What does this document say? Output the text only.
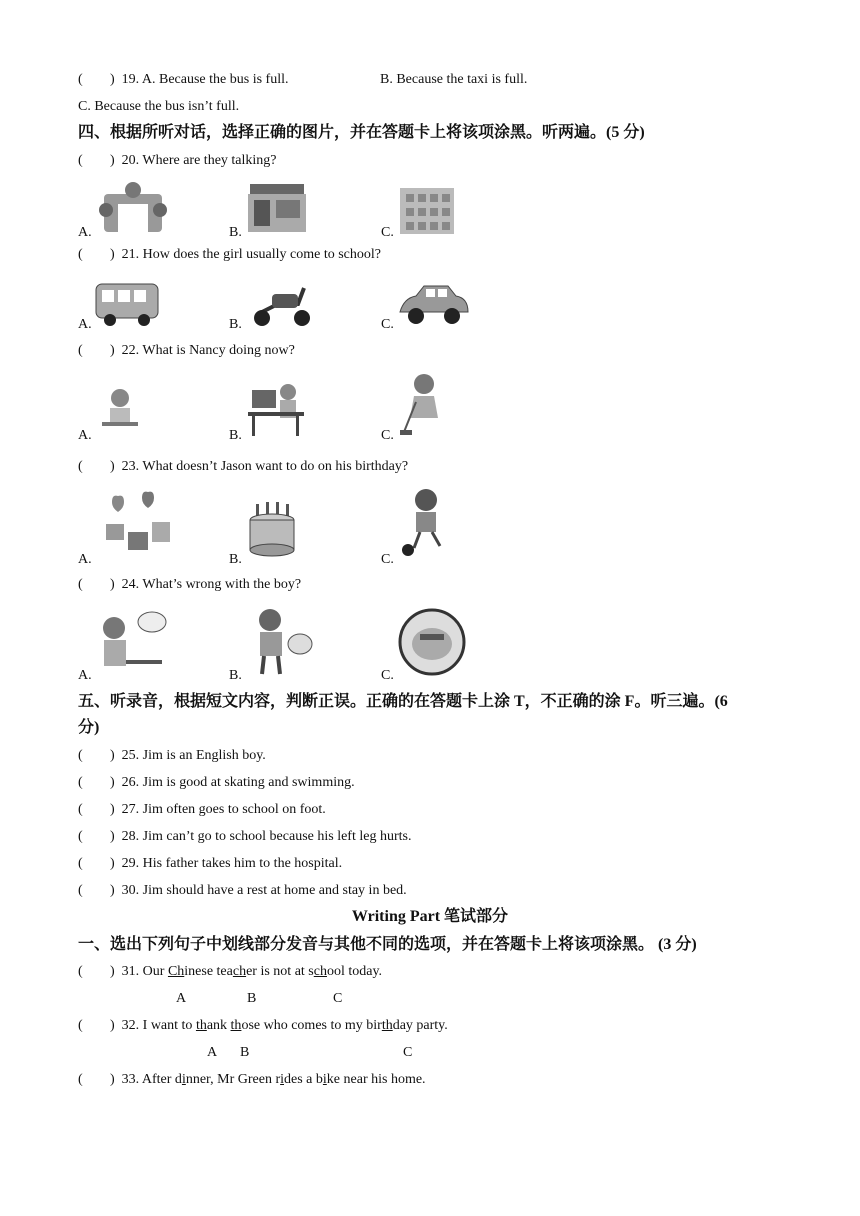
( )  19. A. Because the bus is full.	B. Because the taxi is full.
C. Because the bus isn’t full.
四、根据所听对话，选择正确的图片，并在答题卡上将该项涂黑。听两遍。(5 分)
( )  20. Where are they talking?
A.	B.	C.
( )  21. How does the girl usually come to school?
A.	B.	C.
( )  22. What is Nancy doing now?
A.	B.	C.
( )  23. What doesn’t Jason want to do on his birthday?
A.	B.	C.
( )  24. What’s wrong with the boy?
A.	B.	C.
五、听录音，根据短文内容，判断正误。正确的在答题卡上涂 T，不正确的涂 F。听三遍。(6
分)
( )  25. Jim is an English boy.
( )  26. Jim is good at skating and swimming.
( )  27. Jim often goes to school on foot.
( )  28. Jim can’t go to school because his left leg hurts.
( )  29. His father takes him to the hospital.
( )  30. Jim should have a rest at home and stay in bed.
Writing Part 笔试部分
一、选出下列句子中划线部分发音与其他不同的选项，并在答题卡上将该项涂黑。 (3 分)
( )  31. Our Chinese teacher is not at school today.
A	B	C
( )  32. I want to thank those who comes to my birthday party.
A B	C
( )  33. After dinner, Mr Green rides a bike near his home.
